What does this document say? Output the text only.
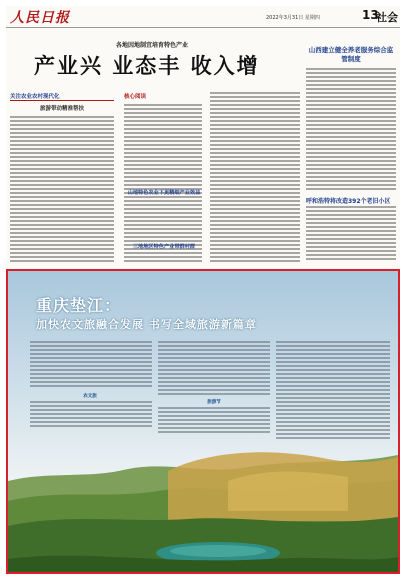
人民日报	2022年3月31日 星期四	13
社会
各地因地制宜培育特色产业
产业兴 业态丰 收入增
关注农业农村现代化
旅游带动精准帮扶
核心阅读
山地特色农业下更精细产业效益
三地地区特色产业带群村群
山西建立健全养老服务综合监管制度
呼和浩特将改造392个老旧小区
重庆垫江：
加快农文旅融合发展 书写全域旅游新篇章
农文旅
旅游节
